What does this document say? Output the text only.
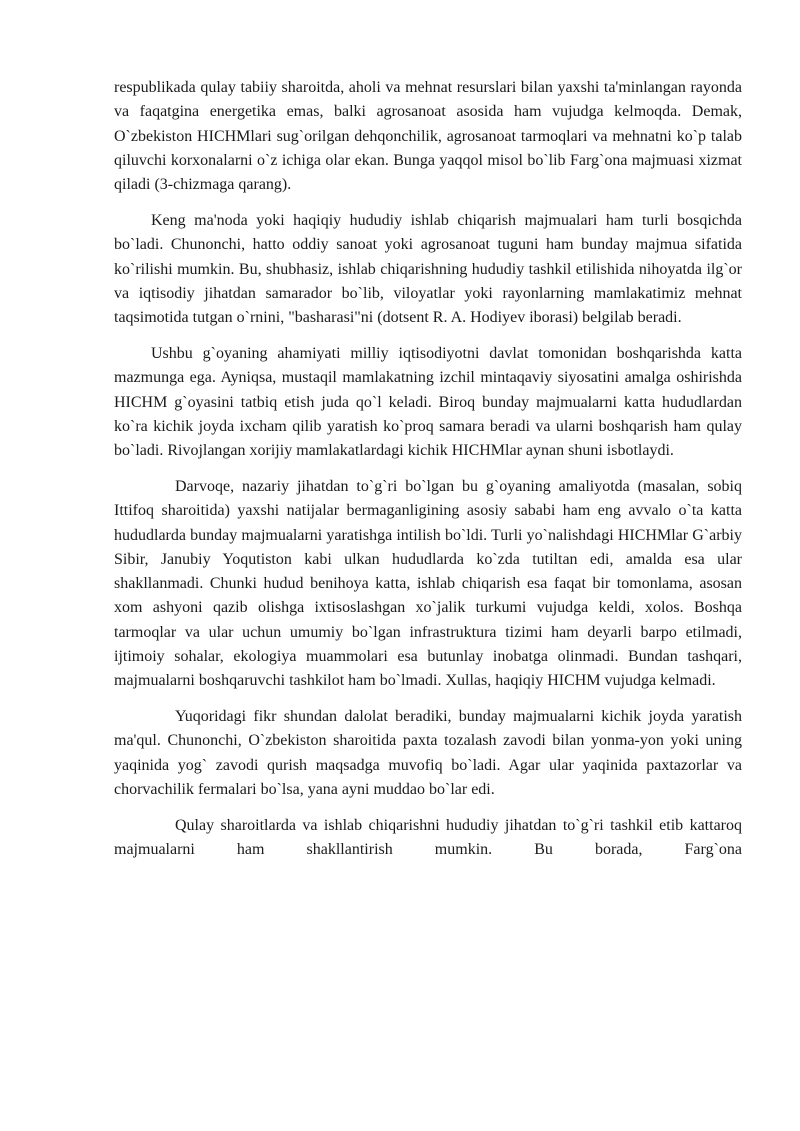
respublikada qulay tabiiy sharoitda, aholi va mehnat resurslari bilan yaxshi ta'minlangan rayonda va faqatgina energetika emas, balki agrosanoat asosida ham vujudga kelmoqda. Demak, O`zbekiston HICHMlari sug`orilgan dehqonchilik, agrosanoat tarmoqlari va mehnatni ko`p talab qiluvchi korxonalarni o`z ichiga olar ekan. Bunga yaqqol misol bo`lib Farg`ona majmuasi xizmat qiladi (3-chizmaga qarang).

Keng ma'noda yoki haqiqiy hududiy ishlab chiqarish majmualari ham turli bosqichda bo`ladi. Chunonchi, hatto oddiy sanoat yoki agrosanoat tuguni ham bunday majmua sifatida ko`rilishi mumkin. Bu, shubhasiz, ishlab chiqarishning hududiy tashkil etilishida nihoyatda ilg`or va iqtisodiy jihatdan samarador bo`lib, viloyatlar yoki rayonlarning mamlakatimiz mehnat taqsimotida tutgan o`rnini, "basharasi"ni (dotsent R. A. Hodiyev iborasi) belgilab beradi.

Ushbu g`oyaning ahamiyati milliy iqtisodiyotni davlat tomonidan boshqarishda katta mazmunga ega. Ayniqsa, mustaqil mamlakatning izchil mintaqaviy siyosatini amalga oshirishda HICHM g`oyasini tatbiq etish juda qo`l keladi. Biroq bunday majmualarni katta hududlardan ko`ra kichik joyda ixcham qilib yaratish ko`proq samara beradi va ularni boshqarish ham qulay bo`ladi. Rivojlangan xorijiy mamlakatlardagi kichik HICHMlar aynan shuni isbotlaydi.

Darvoqe, nazariy jihatdan to`g`ri bo`lgan bu g`oyaning amaliyotda (masalan, sobiq Ittifoq sharoitida) yaxshi natijalar bermaganligining asosiy sababi ham eng avvalo o`ta katta hududlarda bunday majmualarni yaratishga intilish bo`ldi. Turli yo`nalishdagi HICHMlar G`arbiy Sibir, Janubiy Yoqutiston kabi ulkan hududlarda ko`zda tutiltan edi, amalda esa ular shakllanmadi. Chunki hudud benihoya katta, ishlab chiqarish esa faqat bir tomonlama, asosan xom ashyoni qazib olishga ixtisoslashgan xo`jalik turkumi vujudga keldi, xolos. Boshqa tarmoqlar va ular uchun umumiy bo`lgan infrastruktura tizimi ham deyarli barpo etilmadi, ijtimoiy sohalar, ekologiya muammolari esa butunlay inobatga olinmadi. Bundan tashqari, majmualarni boshqaruvchi tashkilot ham bo`lmadi. Xullas, haqiqiy HICHM vujudga kelmadi.

Yuqoridagi fikr shundan dalolat beradiki, bunday majmualarni kichik joyda yaratish ma'qul. Chunonchi, O`zbekiston sharoitida paxta tozalash zavodi bilan yonma-yon yoki uning yaqinida yog` zavodi qurish maqsadga muvofiq bo`ladi. Agar ular yaqinida paxtazorlar va chorvachilik fermalari bo`lsa, yana ayni muddao bo`lar edi.

Qulay sharoitlarda va ishlab chiqarishni hududiy jihatdan to`g`ri tashkil etib kattaroq majmualarni ham shakllantirish mumkin. Bu borada, Farg`ona
